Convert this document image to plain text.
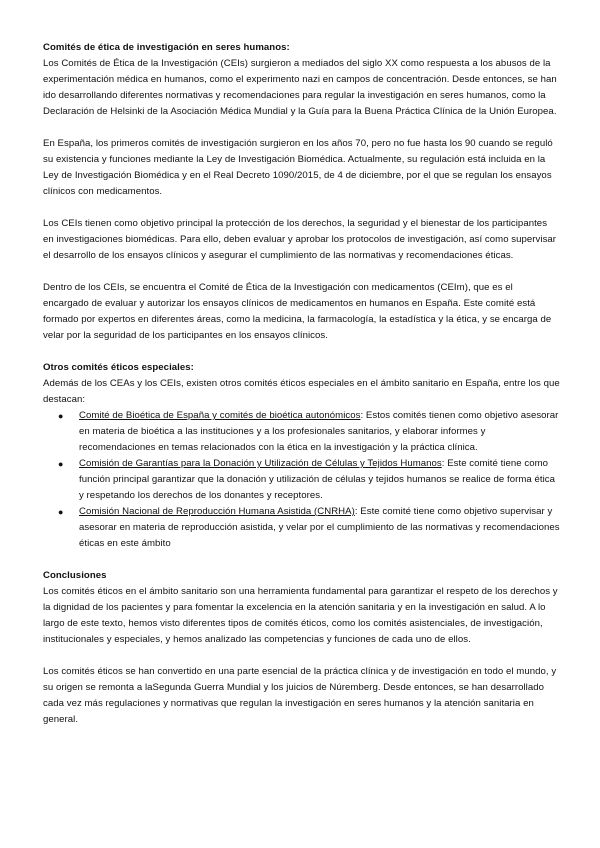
Comités de ética de investigación en seres humanos:

Los Comités de Ética de la Investigación (CEIs) surgieron a mediados del siglo XX como respuesta a los abusos de la experimentación médica en humanos, como el experimento nazi en campos de concentración. Desde entonces, se han ido desarrollando diferentes normativas y recomendaciones para regular la investigación en seres humanos, como la Declaración de Helsinki de la Asociación Médica Mundial y la Guía para la Buena Práctica Clínica de la Unión Europea.

En España, los primeros comités de investigación surgieron en los años 70, pero no fue hasta los 90 cuando se reguló su existencia y funciones mediante la Ley de Investigación Biomédica. Actualmente, su regulación está incluida en la Ley de Investigación Biomédica y en el Real Decreto 1090/2015, de 4 de diciembre, por el que se regulan los ensayos clínicos con medicamentos.

Los CEIs tienen como objetivo principal la protección de los derechos, la seguridad y el bienestar de los participantes en investigaciones biomédicas. Para ello, deben evaluar y aprobar los protocolos de investigación, así como supervisar el desarrollo de los ensayos clínicos y asegurar el cumplimiento de las normativas y recomendaciones éticas.

Dentro de los CEIs, se encuentra el Comité de Ética de la Investigación con medicamentos (CEIm), que es el encargado de evaluar y autorizar los ensayos clínicos de medicamentos en humanos en España. Este comité está formado por expertos en diferentes áreas, como la medicina, la farmacología, la estadística y la ética, y se encarga de velar por la seguridad de los participantes en los ensayos clínicos.

Otros comités éticos especiales:

Además de los CEAs y los CEIs, existen otros comités éticos especiales en el ámbito sanitario en España, entre los que destacan:

● Comité de Bioética de España y comités de bioética autonómicos: Estos comités tienen como objetivo asesorar en materia de bioética a las instituciones y a los profesionales sanitarios, y elaborar informes y recomendaciones en temas relacionados con la ética en la investigación y la práctica clínica.
● Comisión de Garantías para la Donación y Utilización de Células y Tejidos Humanos: Este comité tiene como función principal garantizar que la donación y utilización de células y tejidos humanos se realice de forma ética y respetando los derechos de los donantes y receptores.
● Comisión Nacional de Reproducción Humana Asistida (CNRHA): Este comité tiene como objetivo supervisar y asesorar en materia de reproducción asistida, y velar por el cumplimiento de las normativas y recomendaciones éticas en este ámbito

Conclusiones

Los comités éticos en el ámbito sanitario son una herramienta fundamental para garantizar el respeto de los derechos y la dignidad de los pacientes y para fomentar la excelencia en la atención sanitaria y en la investigación en salud. A lo largo de este texto, hemos visto diferentes tipos de comités éticos, como los comités asistenciales, de investigación, institucionales y especiales, y hemos analizado las competencias y funciones de cada uno de ellos.

Los comités éticos se han convertido en una parte esencial de la práctica clínica y de investigación en todo el mundo, y su origen se remonta a laSegunda Guerra Mundial y los juicios de Núremberg. Desde entonces, se han desarrollado cada vez más regulaciones y normativas que regulan la investigación en seres humanos y la atención sanitaria en general.
